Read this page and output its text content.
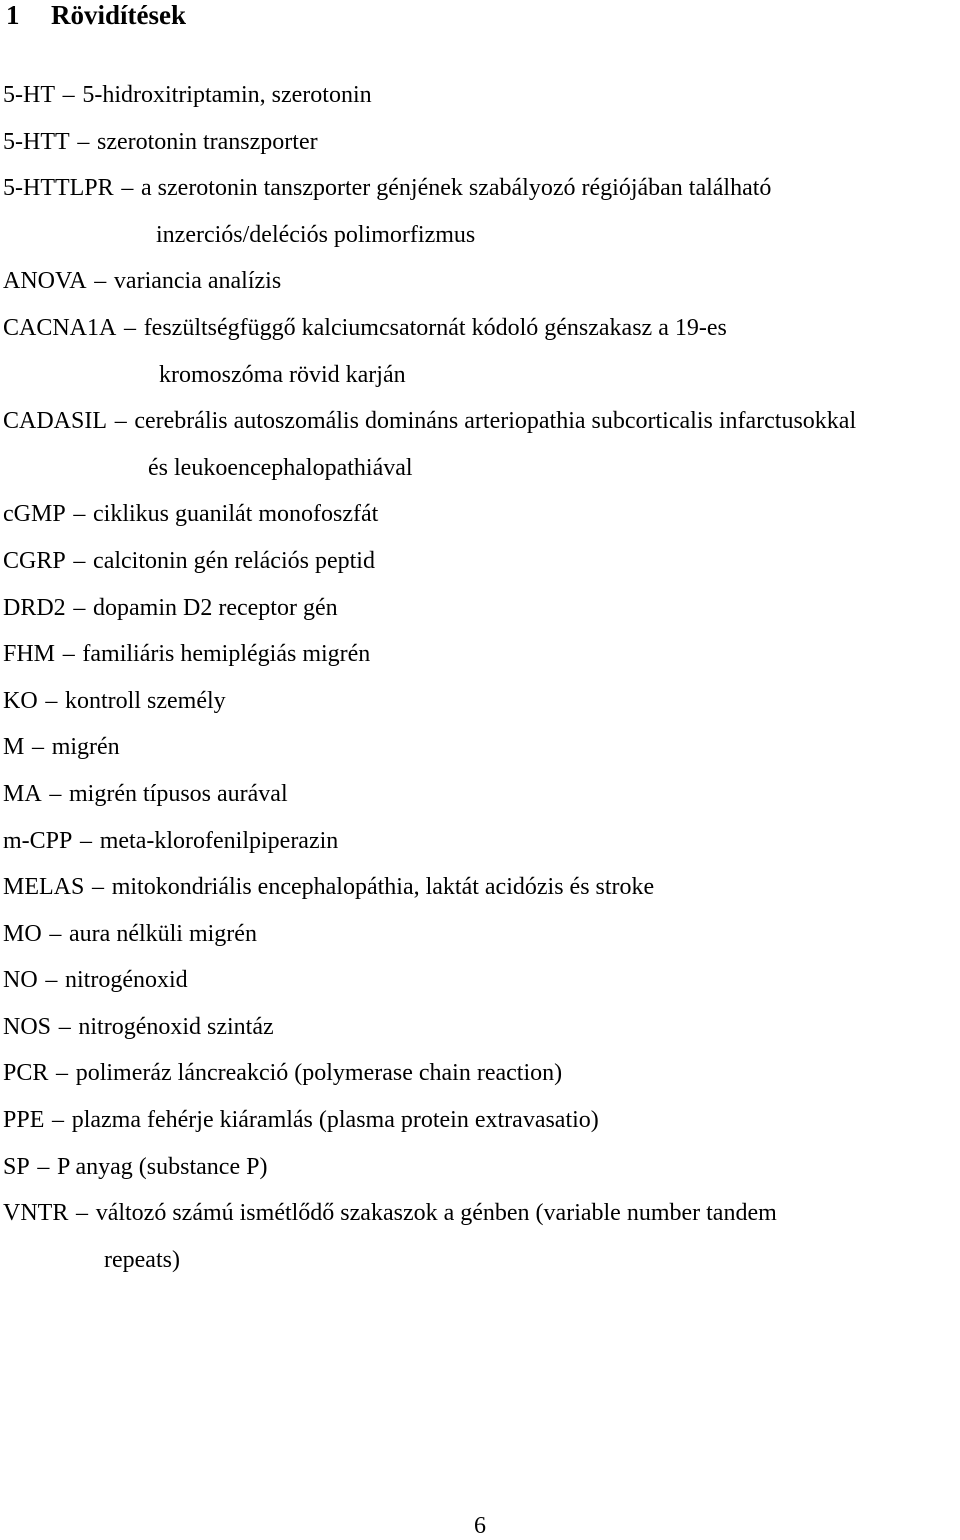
1 Rövidítések
5-HT – 5-hidroxitriptamin, szerotonin
5-HTT – szerotonin transzporter
5-HTTLPR – a szerotonin tanszporter génjének szabályozó régiójában található
inzerciós/deléciós polimorfizmus
ANOVA – variancia analízis
CACNA1A – feszültségfüggő kalciumcsatornát kódoló génszakasz a 19-es
kromoszóma rövid karján
CADASIL – cerebrális autoszomális domináns arteriopathia subcorticalis infarctusokkal
és leukoencephalopathiával
cGMP – ciklikus guanilát monofoszfát
CGRP – calcitonin gén relációs peptid
DRD2 – dopamin D2 receptor gén
FHM – familiáris hemiplégiás migrén
KO – kontroll személy
M – migrén
MA – migrén típusos aurával
m-CPP – meta-klorofenilpiperazin
MELAS – mitokondriális encephalopáthia, laktát acidózis és stroke
MO – aura nélküli migrén
NO – nitrogénoxid
NOS – nitrogénoxid szintáz
PCR – polimeráz láncreakció (polymerase chain reaction)
PPE – plazma fehérje kiáramlás (plasma protein extravasatio)
SP – P anyag (substance P)
VNTR – változó számú ismétlődő szakaszok a génben (variable number tandem
repeats)
6
